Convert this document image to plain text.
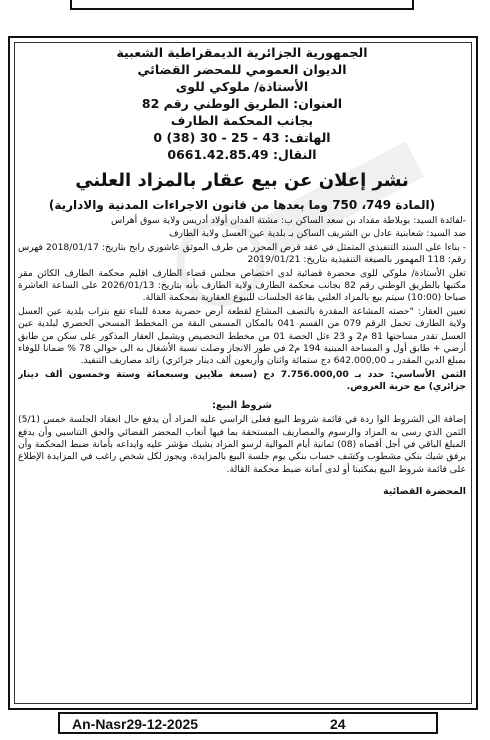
الجمهورية الجزائرية الديمقراطية الشعبية
الديوان العمومي للمحضر القضائي
الأستاذة/ ملوكي للوى
العنوان: الطريق الوطني رقم 82
بجانب المحكمة الطارف
الهاتف: 43 - 25 - 30 (38) 0
النقال: 0661.42.85.49
نشر إعلان عن بيع عقار بالمزاد العلني
(المادة 749، 750 وما بعدها من قانون الاجراءات المدنية والادارية)

-لفائدة السيد: بوبلاطة مقداد بن سعد الساكن ب: مشتة الفدان أولاد أدريس ولاية سوق أهراس

ضد السيد: شعابنية عادل بن الشريف الساكن بـ بلدية عين العسل ولاية الطارف

- بناءا على السند التنفيذي المتمثل في عقد قرض المحرر من طرف الموثق عاشوري رابح بتاريخ: 2018/01/17 فهرس رقم: 118 المهمور بالصيغة التنفيذية بتاريخ: 2019/01/21

تعلن الأستاذة/ ملوكي للوى محضرة قضائية لدى اختصاص مجلس قضاء الطارف اقليم محكمة الطارف الكائن مقر مكتبها بالطريق الوطني رقم 82 بجانب محكمة الطارف ولاية الطارف بأنه بتاريخ: 2026/01/13 على الساعة العاشرة صباحا (10:00) سيتم بيع بالمزاد العلني بقاعة الجلسات للبيوع العقارية بمحكمة القالة.

تعيين العقار: "حصته المشاعة المقدرة بالنصف المشاع لقطعة أرض حضرية معدة للبناء تقع بتراب بلدية عين العسل ولاية الطارف تحمل الرقم 079 من القسم 041 بالمكان المسمى البقة من المخطط المسحي الحضري لبلدية عين العسل تقدر مساحتها 81 م2 و 23 ءثل الحصة 01 من مخطط التحصيص ويشمل العقار المذكور على سكن من طابق أرضي + طابق أول و المساحة المبنية 194 م2 في طور الانجاز وصلت نسبة الأشغال به الى حوالي 78 % ضمانا للوفاء بمبلغ الدين المقدر بـ 642.000,00 دج ستمائة واثنان وأربعون ألف دينار جزائري) زائد مصاريف التنفيذ.

الثمن الأساسي: حدد بـ 7.756.000,00 دج (سبعة ملايين وسبعمائة وستة وخمسون ألف دينار جزائري) مع حرية العروض.

شروط البيع:

إضافة الى الشروط الوا ردة في قائمة شروط البيع فعلى الراسي عليه المزاد أن يدفع حال انعقاد الجلسة خمس (5/1) الثمن الذي رسى به المزاد والرسوم والمصاريف المستحقة بما فيها أتعاب المحضر القضائي والحق التناسبي وأن يدفع المبلغ الباقي في أجل أقصاه (08) ثمانية أيام الموالية لرسو المزاد بشيك مؤشر عليه وايداعه بأمانة ضبط المحكمة وأن يرفق شيك بنكي مشطوب وكشف حساب بنكي يوم جلسة البيع بالمزايدة، ويجوز لكل شخص راغب في المزايدة الإطلاع على قائمة شروط البيع بمكتبنا أو لدى أمانة ضبط محكمة القالة.

المحضرة القضائية
An-Nasr29-12-2025	24
